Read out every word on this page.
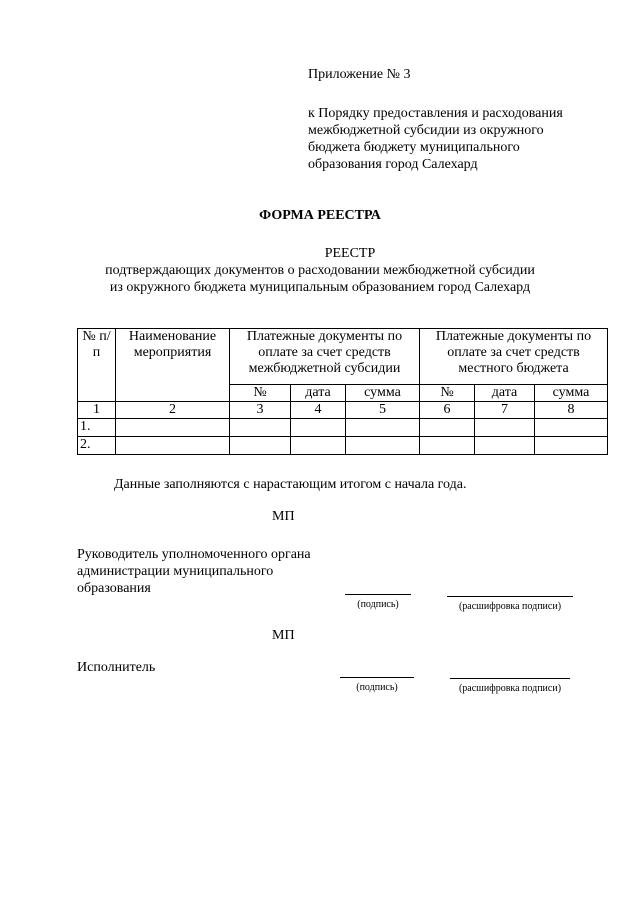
Приложение № 3
к Порядку предоставления и расходования
межбюджетной субсидии из окружного
бюджета бюджету муниципального
образования город Салехард
ФОРМА РЕЕСТРА
РЕЕСТР
подтверждающих документов о расходовании межбюджетной субсидии
из окружного бюджета муниципальным образованием город Салехард
№ п/п	Наименование мероприятия	Платежные документы по оплате за счет средств межбюджетной субсидии			Платежные документы по оплате за счет средств местного бюджета		
		№	дата	сумма	№	дата	сумма
1	2	3	4	5	6	7	8
1.							
2.							
Данные заполняются с нарастающим итогом с начала года.
МП
Руководитель уполномоченного органа
администрации муниципального
образования
(подпись)	(расшифровка подписи)
МП
Исполнитель
(подпись)	(расшифровка подписи)
